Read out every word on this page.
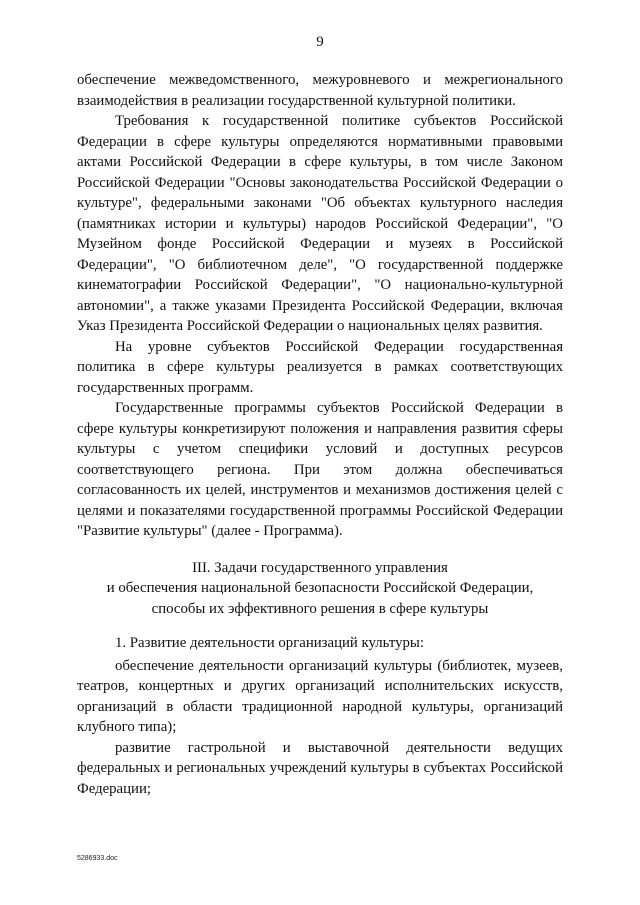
9

обеспечение межведомственного, межуровневого и межрегионального взаимодействия в реализации государственной культурной политики.

Требования к государственной политике субъектов Российской Федерации в сфере культуры определяются нормативными правовыми актами Российской Федерации в сфере культуры, в том числе Законом Российской Федерации "Основы законодательства Российской Федерации о культуре", федеральными законами "Об объектах культурного наследия (памятниках истории и культуры) народов Российской Федерации", "О Музейном фонде Российской Федерации и музеях в Российской Федерации", "О библиотечном деле", "О государственной поддержке кинематографии Российской Федерации", "О национально-культурной автономии", а также указами Президента Российской Федерации, включая Указ Президента Российской Федерации о национальных целях развития.

На уровне субъектов Российской Федерации государственная политика в сфере культуры реализуется в рамках соответствующих государственных программ.

Государственные программы субъектов Российской Федерации в сфере культуры конкретизируют положения и направления развития сферы культуры с учетом специфики условий и доступных ресурсов соответствующего региона. При этом должна обеспечиваться согласованность их целей, инструментов и механизмов достижения целей с целями и показателями государственной программы Российской Федерации "Развитие культуры" (далее - Программа).

III. Задачи государственного управления
и обеспечения национальной безопасности Российской Федерации,
способы их эффективного решения в сфере культуры

1. Развитие деятельности организаций культуры:

обеспечение деятельности организаций культуры (библиотек, музеев, театров, концертных и других организаций исполнительских искусств, организаций в области традиционной народной культуры, организаций клубного типа);

развитие гастрольной и выставочной деятельности ведущих федеральных и региональных учреждений культуры в субъектах Российской Федерации;

5286933.doc
